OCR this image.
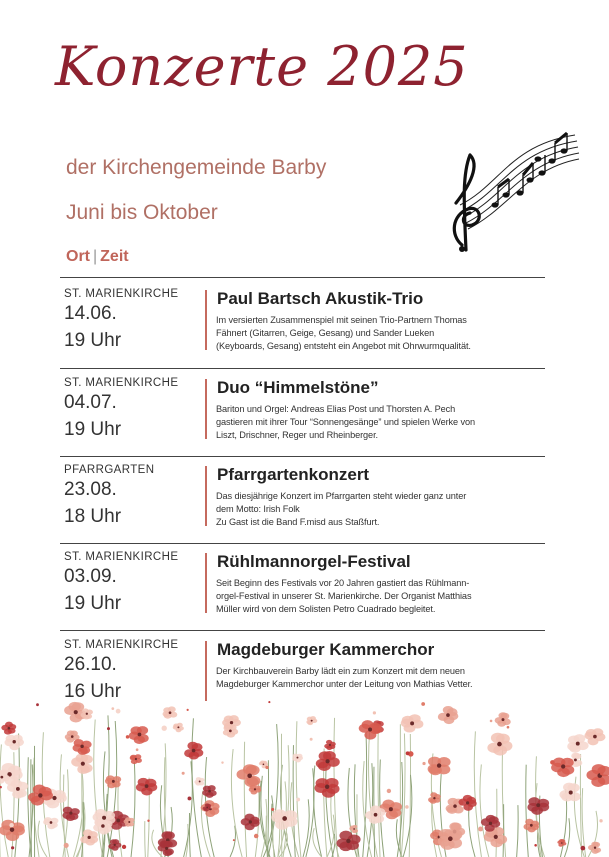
Konzerte 2025
der Kirchengemeinde Barby
Juni bis Oktober
Ort | Zeit
ST. MARIENKIRCHE
14.06.
19 Uhr
Paul Bartsch Akustik-Trio
Im versierten Zusammenspiel mit seinen Trio-Partnern Thomas
Fähnert (Gitarren, Geige, Gesang) und Sander Lueken
(Keyboards, Gesang) entsteht ein Angebot mit Ohrwurmqualität.
ST. MARIENKIRCHE
04.07.
19 Uhr
Duo “Himmelstöne”
Bariton und Orgel: Andreas Elias Post und Thorsten A. Pech
gastieren mit ihrer Tour “Sonnengesänge” und spielen Werke von
Liszt, Drischner, Reger und Rheinberger.
PFARRGARTEN
23.08.
18 Uhr
Pfarrgartenkonzert
Das diesjährige Konzert im Pfarrgarten steht wieder ganz unter
dem Motto: Irish Folk
Zu Gast ist die Band F.misd aus Staßfurt.
ST. MARIENKIRCHE
03.09.
19 Uhr
Rühlmannorgel-Festival
Seit Beginn des Festivals vor 20 Jahren gastiert das Rühlmann-
orgel-Festival in unserer St. Marienkirche. Der Organist Matthias
Müller wird von dem Solisten Petro Cuadrado begleitet.
ST. MARIENKIRCHE
26.10.
16 Uhr
Magdeburger Kammerchor
Der Kirchbauverein Barby lädt ein zum Konzert mit dem neuen
Magdeburger Kammerchor unter der Leitung von Mathias Vetter.
